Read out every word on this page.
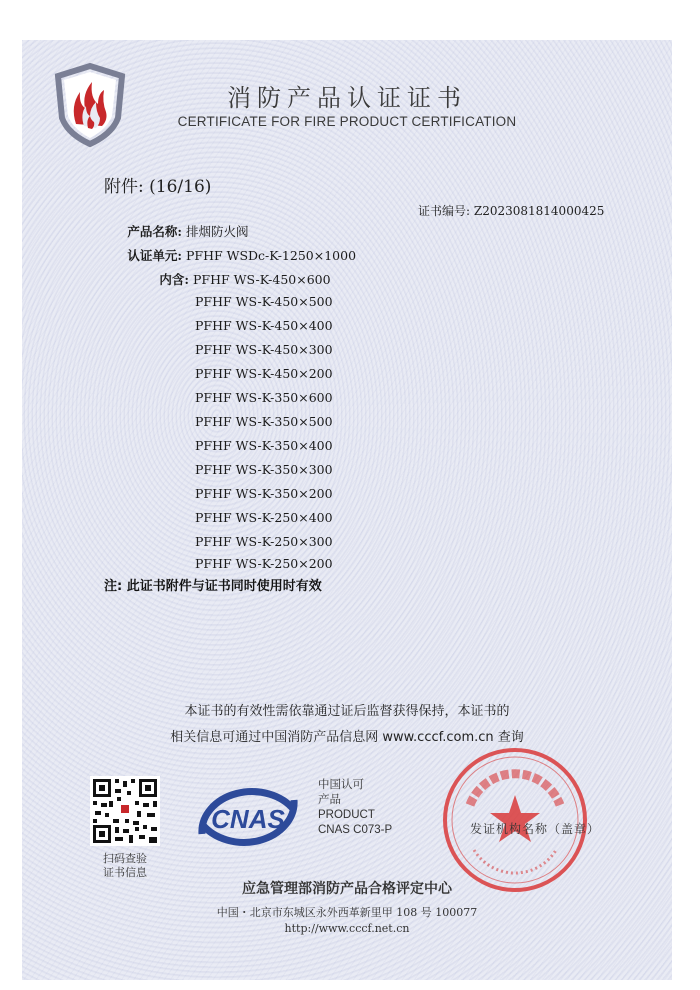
消防产品认证证书
CERTIFICATE FOR FIRE PRODUCT CERTIFICATION
附件: (16/16)
证书编号: Z2023081814000425
产品名称: 排烟防火阀
认证单元: PFHF WSDc-K-1250×1000
内含: PFHF WS-K-450×600
PFHF WS-K-450×500
PFHF WS-K-450×400
PFHF WS-K-450×300
PFHF WS-K-450×200
PFHF WS-K-350×600
PFHF WS-K-350×500
PFHF WS-K-350×400
PFHF WS-K-350×300
PFHF WS-K-350×200
PFHF WS-K-250×400
PFHF WS-K-250×300
PFHF WS-K-250×200
注: 此证书附件与证书同时使用时有效
本证书的有效性需依靠通过证后监督获得保持，本证书的
相关信息可通过中国消防产品信息网 www.cccf.com.cn 查询
扫码查验
证书信息
CNAS
中国认可
产品
PRODUCT
CNAS C073-P	发证机构名称（盖章）
应急管理部消防产品合格评定中心
中国・北京市东城区永外西革新里甲 108 号 100077
http://www.cccf.net.cn
